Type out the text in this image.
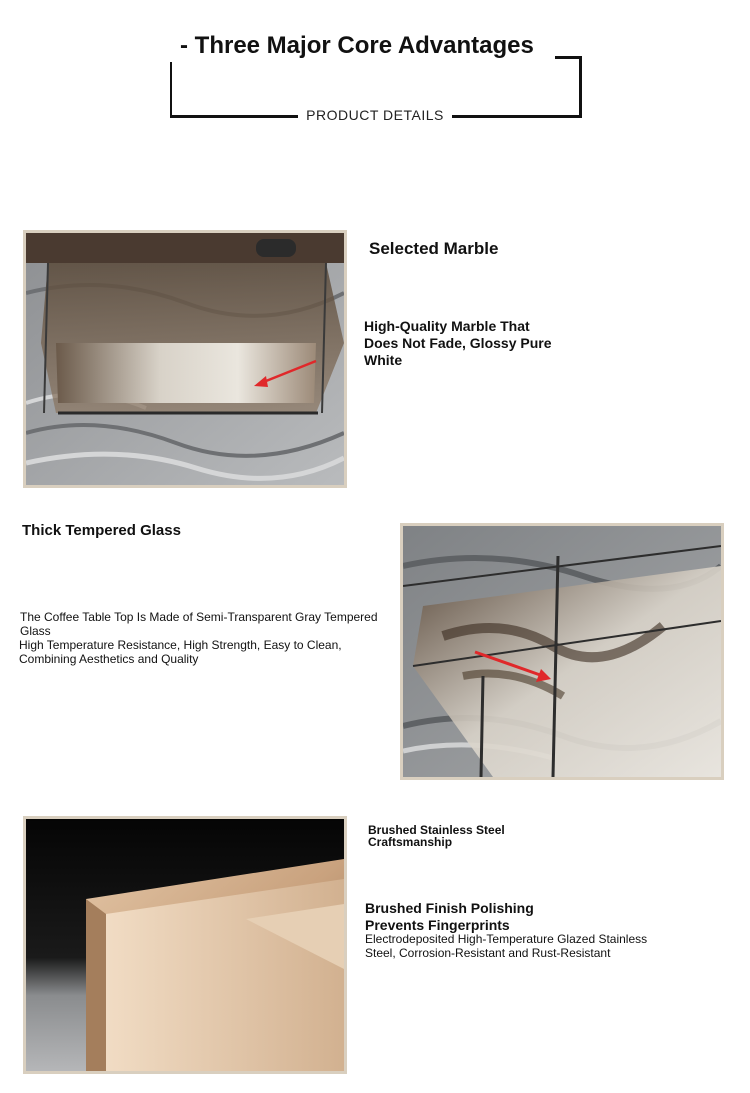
- Three Major Core Advantages
PRODUCT DETAILS
Selected Marble
High-Quality Marble That Does Not Fade, Glossy Pure White
Thick Tempered Glass
The Coffee Table Top Is Made of Semi-Transparent Gray Tempered Glass
High Temperature Resistance, High Strength, Easy to Clean, Combining Aesthetics and Quality
Brushed Stainless Steel Craftsmanship
Brushed Finish Polishing Prevents Fingerprints
Electrodeposited High-Temperature Glazed Stainless Steel, Corrosion-Resistant and Rust-Resistant
